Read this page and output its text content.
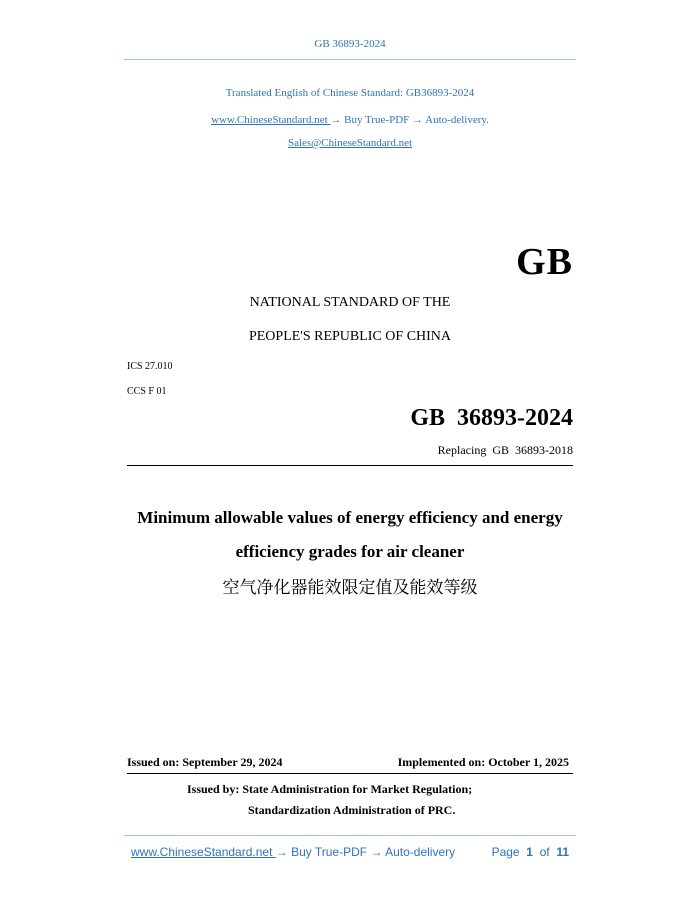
GB 36893-2024
Translated English of Chinese Standard: GB36893-2024
www.ChineseStandard.net → Buy True-PDF → Auto-delivery.
Sales@ChineseStandard.net
GB
NATIONAL STANDARD OF THE
PEOPLE'S REPUBLIC OF CHINA
ICS 27.010
CCS F 01
GB  36893-2024
Replacing  GB  36893-2018
Minimum allowable values of energy efficiency and energy
efficiency grades for air cleaner
空气净化器能效限定值及能效等级
Issued on: September 29, 2024	Implemented on: October 1, 2025
Issued by: State Administration for Market Regulation;
Standardization Administration of PRC.
www.ChineseStandard.net → Buy True-PDF → Auto-delivery	Page 1 of 11
